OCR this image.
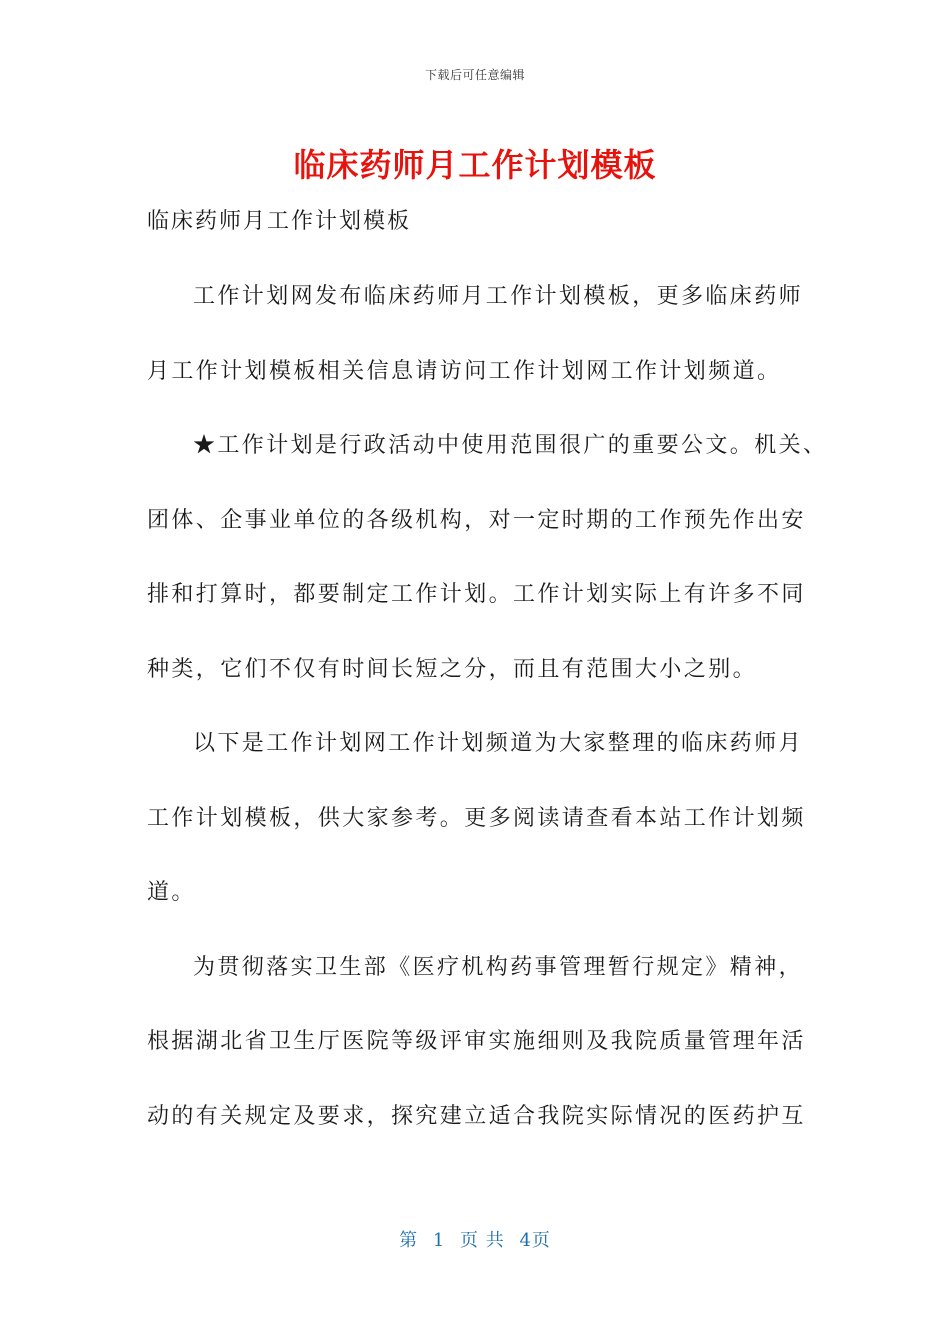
下载后可任意编辑
临床药师月工作计划模板
临床药师月工作计划模板
工作计划网发布临床药师月工作计划模板，更多临床药师
月工作计划模板相关信息请访问工作计划网工作计划频道。
★工作计划是行政活动中使用范围很广的重要公文。机关、
团体、企事业单位的各级机构，对一定时期的工作预先作出安
排和打算时，都要制定工作计划。工作计划实际上有许多不同
种类，它们不仅有时间长短之分，而且有范围大小之别。
以下是工作计划网工作计划频道为大家整理的临床药师月
工作计划模板，供大家参考。更多阅读请查看本站工作计划频
道。
为贯彻落实卫生部《医疗机构药事管理暂行规定》精神，
根据湖北省卫生厅医院等级评审实施细则及我院质量管理年活
动的有关规定及要求，探究建立适合我院实际情况的医药护互
第 1 页 共 4页
